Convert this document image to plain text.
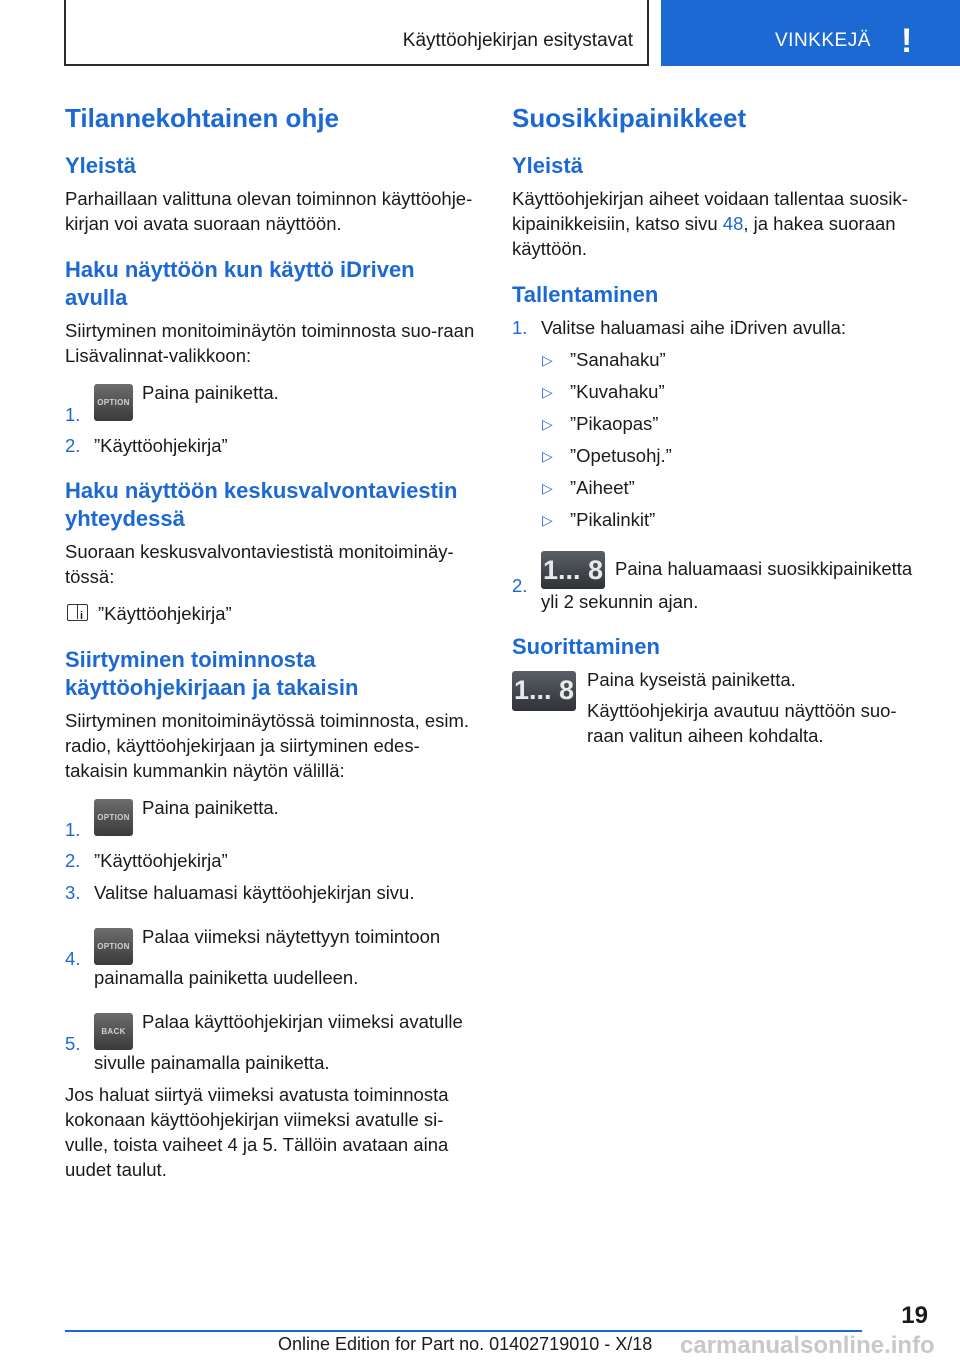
Käyttöohjekirjan esitystavat	VINKKEJÄ !
Tilannekohtainen ohje
Yleistä

Parhaillaan valittuna olevan toiminnon käyttöohje-kirjan voi avata suoraan näyttöön.

Haku näyttöön kun käyttö iDriven avulla

Siirtyminen monitoiminäytön toiminnosta suo-raan Lisävalinnat-valikkoon:

1.
OPTION Paina painiketta.
2. ”Käyttöohjekirja”
Haku näyttöön keskusvalvontaviestin yhteydessä

Suoraan keskusvalvontaviestistä monitoiminäy-tössä:

i ”Käyttöohjekirja”
Siirtyminen toiminnosta käyttöohjekirjaan ja takaisin

Siirtyminen monitoiminäytössä toiminnosta, esim. radio, käyttöohjekirjaan ja siirtyminen edes-takaisin kummankin näytön välillä:

1.
OPTION Paina painiketta.
2. ”Käyttöohjekirja”
3. Valitse haluamasi käyttöohjekirjan sivu.
4.
OPTION Palaa viimeksi näytettyyn toimintoon painamalla painiketta uudelleen.
5.
BACK Palaa käyttöohjekirjan viimeksi avatulle sivulle painamalla painiketta.

Jos haluat siirtyä viimeksi avatusta toiminnosta kokonaan käyttöohjekirjan viimeksi avatulle si-vulle, toista vaiheet 4 ja 5. Tällöin avataan aina uudet taulut.

Suosikkipainikkeet
Yleistä

Käyttöohjekirjan aiheet voidaan tallentaa suosik-kipainikkeisiin, katso sivu 48, ja hakea suoraan käyttöön.

Tallentaminen
1. Valitse haluamasi aihe iDriven avulla:
▷ ”Sanahaku”
▷ ”Kuvahaku”
▷ ”Pikaopas”
▷ ”Opetusohj.”
▷ ”Aiheet”
▷ ”Pikalinkit”
2.
1... 8 Paina haluamaasi suosikkipainiketta yli 2 sekunnin ajan.
Suorittaminen
1... 8 Paina kyseistä painiketta.

Käyttöohjekirja avautuu näyttöön suo-raan valitun aiheen kohdalta.

19
Online Edition for Part no. 01402719010 - X/18 carmanualsonline.info
